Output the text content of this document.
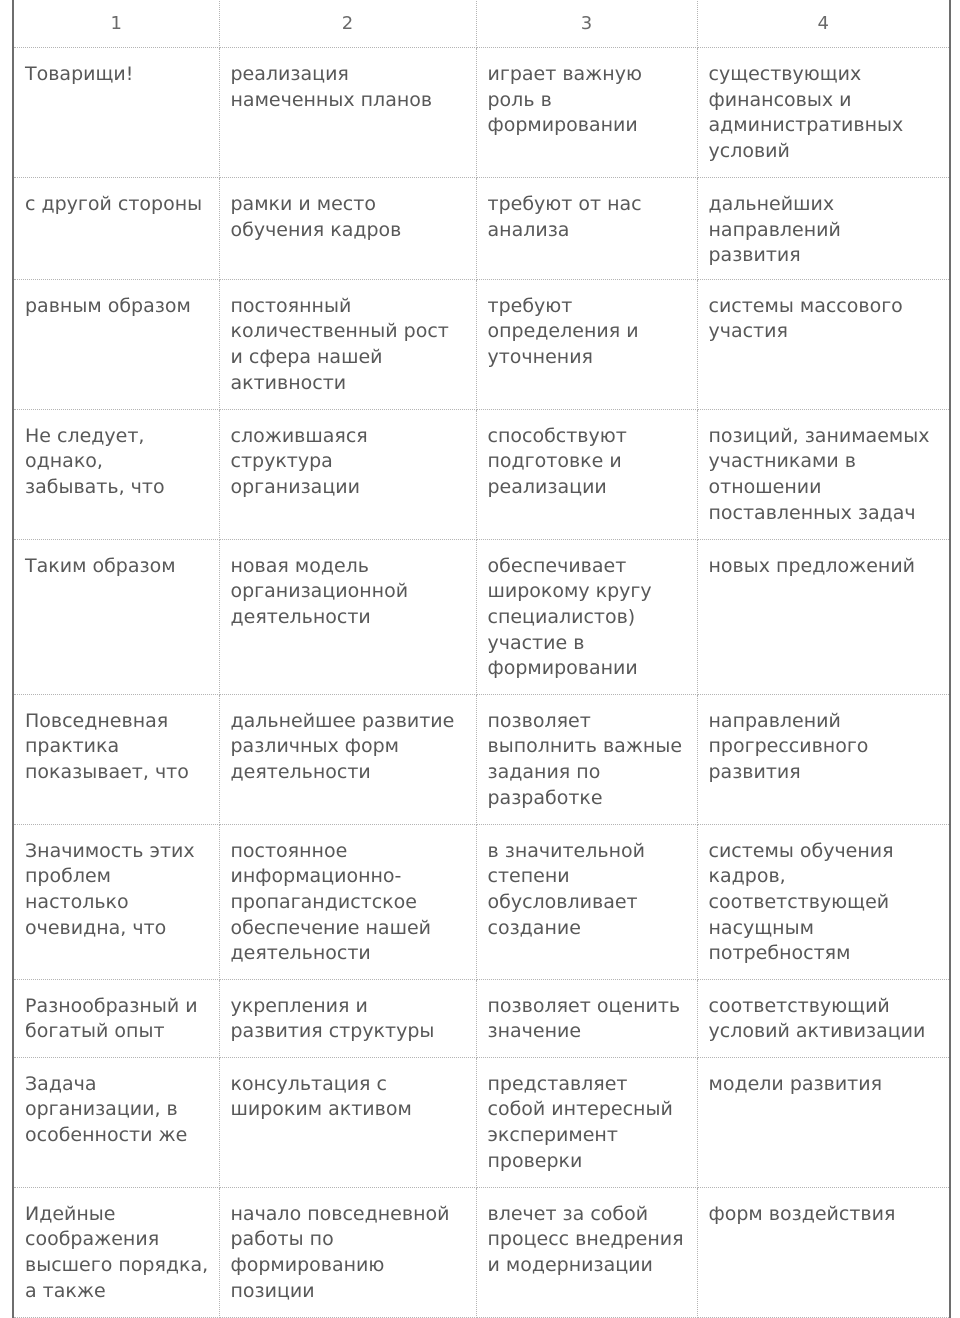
1	2	3	4
Товарищи!	реализация намеченных планов	играет важную роль в формировании	существующих финансовых и административных условий
с другой стороны	рамки и место обучения кадров	требуют от нас анализа	дальнейших направлений развития
равным образом	постоянный количественный рост и сфера нашей активности	требуют определения и уточнения	системы массового участия
Не следует, однако, забывать, что	сложившаяся структура организации	способствуют подготовке и реализации	позиций, занимаемых участниками в отношении поставленных задач
Таким образом	новая модель организационной деятельности	обеспечивает широкому кругу специалистов) участие в формировании	новых предложений
Повседневная практика показывает, что	дальнейшее развитие различных форм деятельности	позволяет выполнить важные задания по разработке	направлений прогрессивного развития
Значимость этих проблем настолько очевидна, что	постоянное информационно-пропагандистское обеспечение нашей деятельности	в значительной степени обусловливает создание	системы обучения кадров, соответствующей насущным потребностям
Разнообразный и богатый опыт	укрепления и развития структуры	позволяет оценить значение	соответствующий условий активизации
Задача организации, в особенности же	консультация с широким активом	представляет собой интересный эксперимент проверки	модели развития
Идейные соображения высшего порядка, а также	начало повседневной работы по формированию позиции	влечет за собой процесс внедрения и модернизации	форм воздействия
